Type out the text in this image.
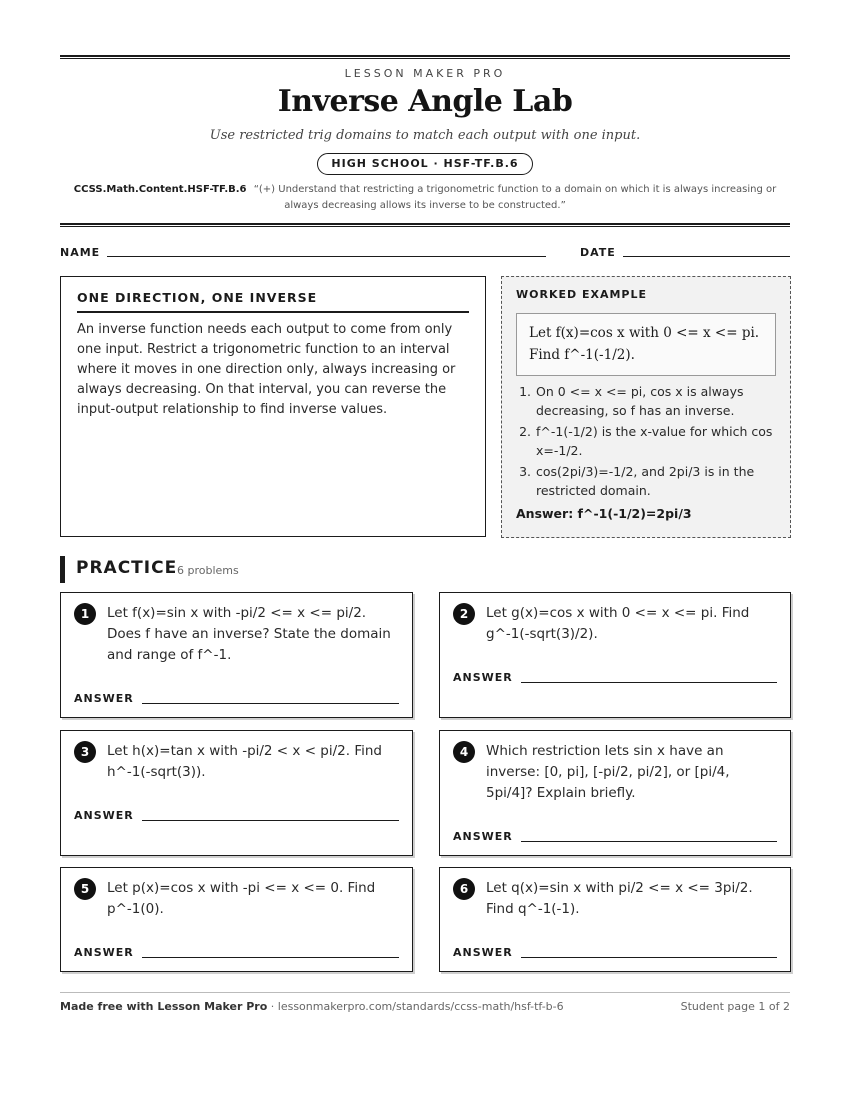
LESSON MAKER PRO
Inverse Angle Lab
Use restricted trig domains to match each output with one input.
HIGH SCHOOL · HSF-TF.B.6
CCSS.Math.Content.HSF-TF.B.6 “(+) Understand that restricting a trigonometric function to a domain on which it is always increasing or always decreasing allows its inverse to be constructed.”
NAME	DATE
ONE DIRECTION, ONE INVERSE
An inverse function needs each output to come from only one input. Restrict a trigonometric function to an interval where it moves in one direction only, always increasing or always decreasing. On that interval, you can reverse the input-output relationship to find inverse values.
WORKED EXAMPLE
Let f(x)=cos x with 0 <= x <= pi. Find f^-1(-1/2).
1. On 0 <= x <= pi, cos x is always decreasing, so f has an inverse.
2. f^-1(-1/2) is the x-value for which cos x=-1/2.
3. cos(2pi/3)=-1/2, and 2pi/3 is in the restricted domain.
Answer: f^-1(-1/2)=2pi/3
PRACTICE 6 problems
1	Let f(x)=sin x with -pi/2 <= x <= pi/2. Does f have an inverse? State the domain and range of f^-1.
ANSWER
2	Let g(x)=cos x with 0 <= x <= pi. Find g^-1(-sqrt(3)/2).
ANSWER
3	Let h(x)=tan x with -pi/2 < x < pi/2. Find h^-1(-sqrt(3)).
ANSWER
4	Which restriction lets sin x have an inverse: [0, pi], [-pi/2, pi/2], or [pi/4, 5pi/4]? Explain briefly.
ANSWER
5	Let p(x)=cos x with -pi <= x <= 0. Find p^-1(0).
ANSWER
6	Let q(x)=sin x with pi/2 <= x <= 3pi/2. Find q^-1(-1).
ANSWER
Made free with Lesson Maker Pro · lessonmakerpro.com/standards/ccss-math/hsf-tf-b-6	Student page 1 of 2
